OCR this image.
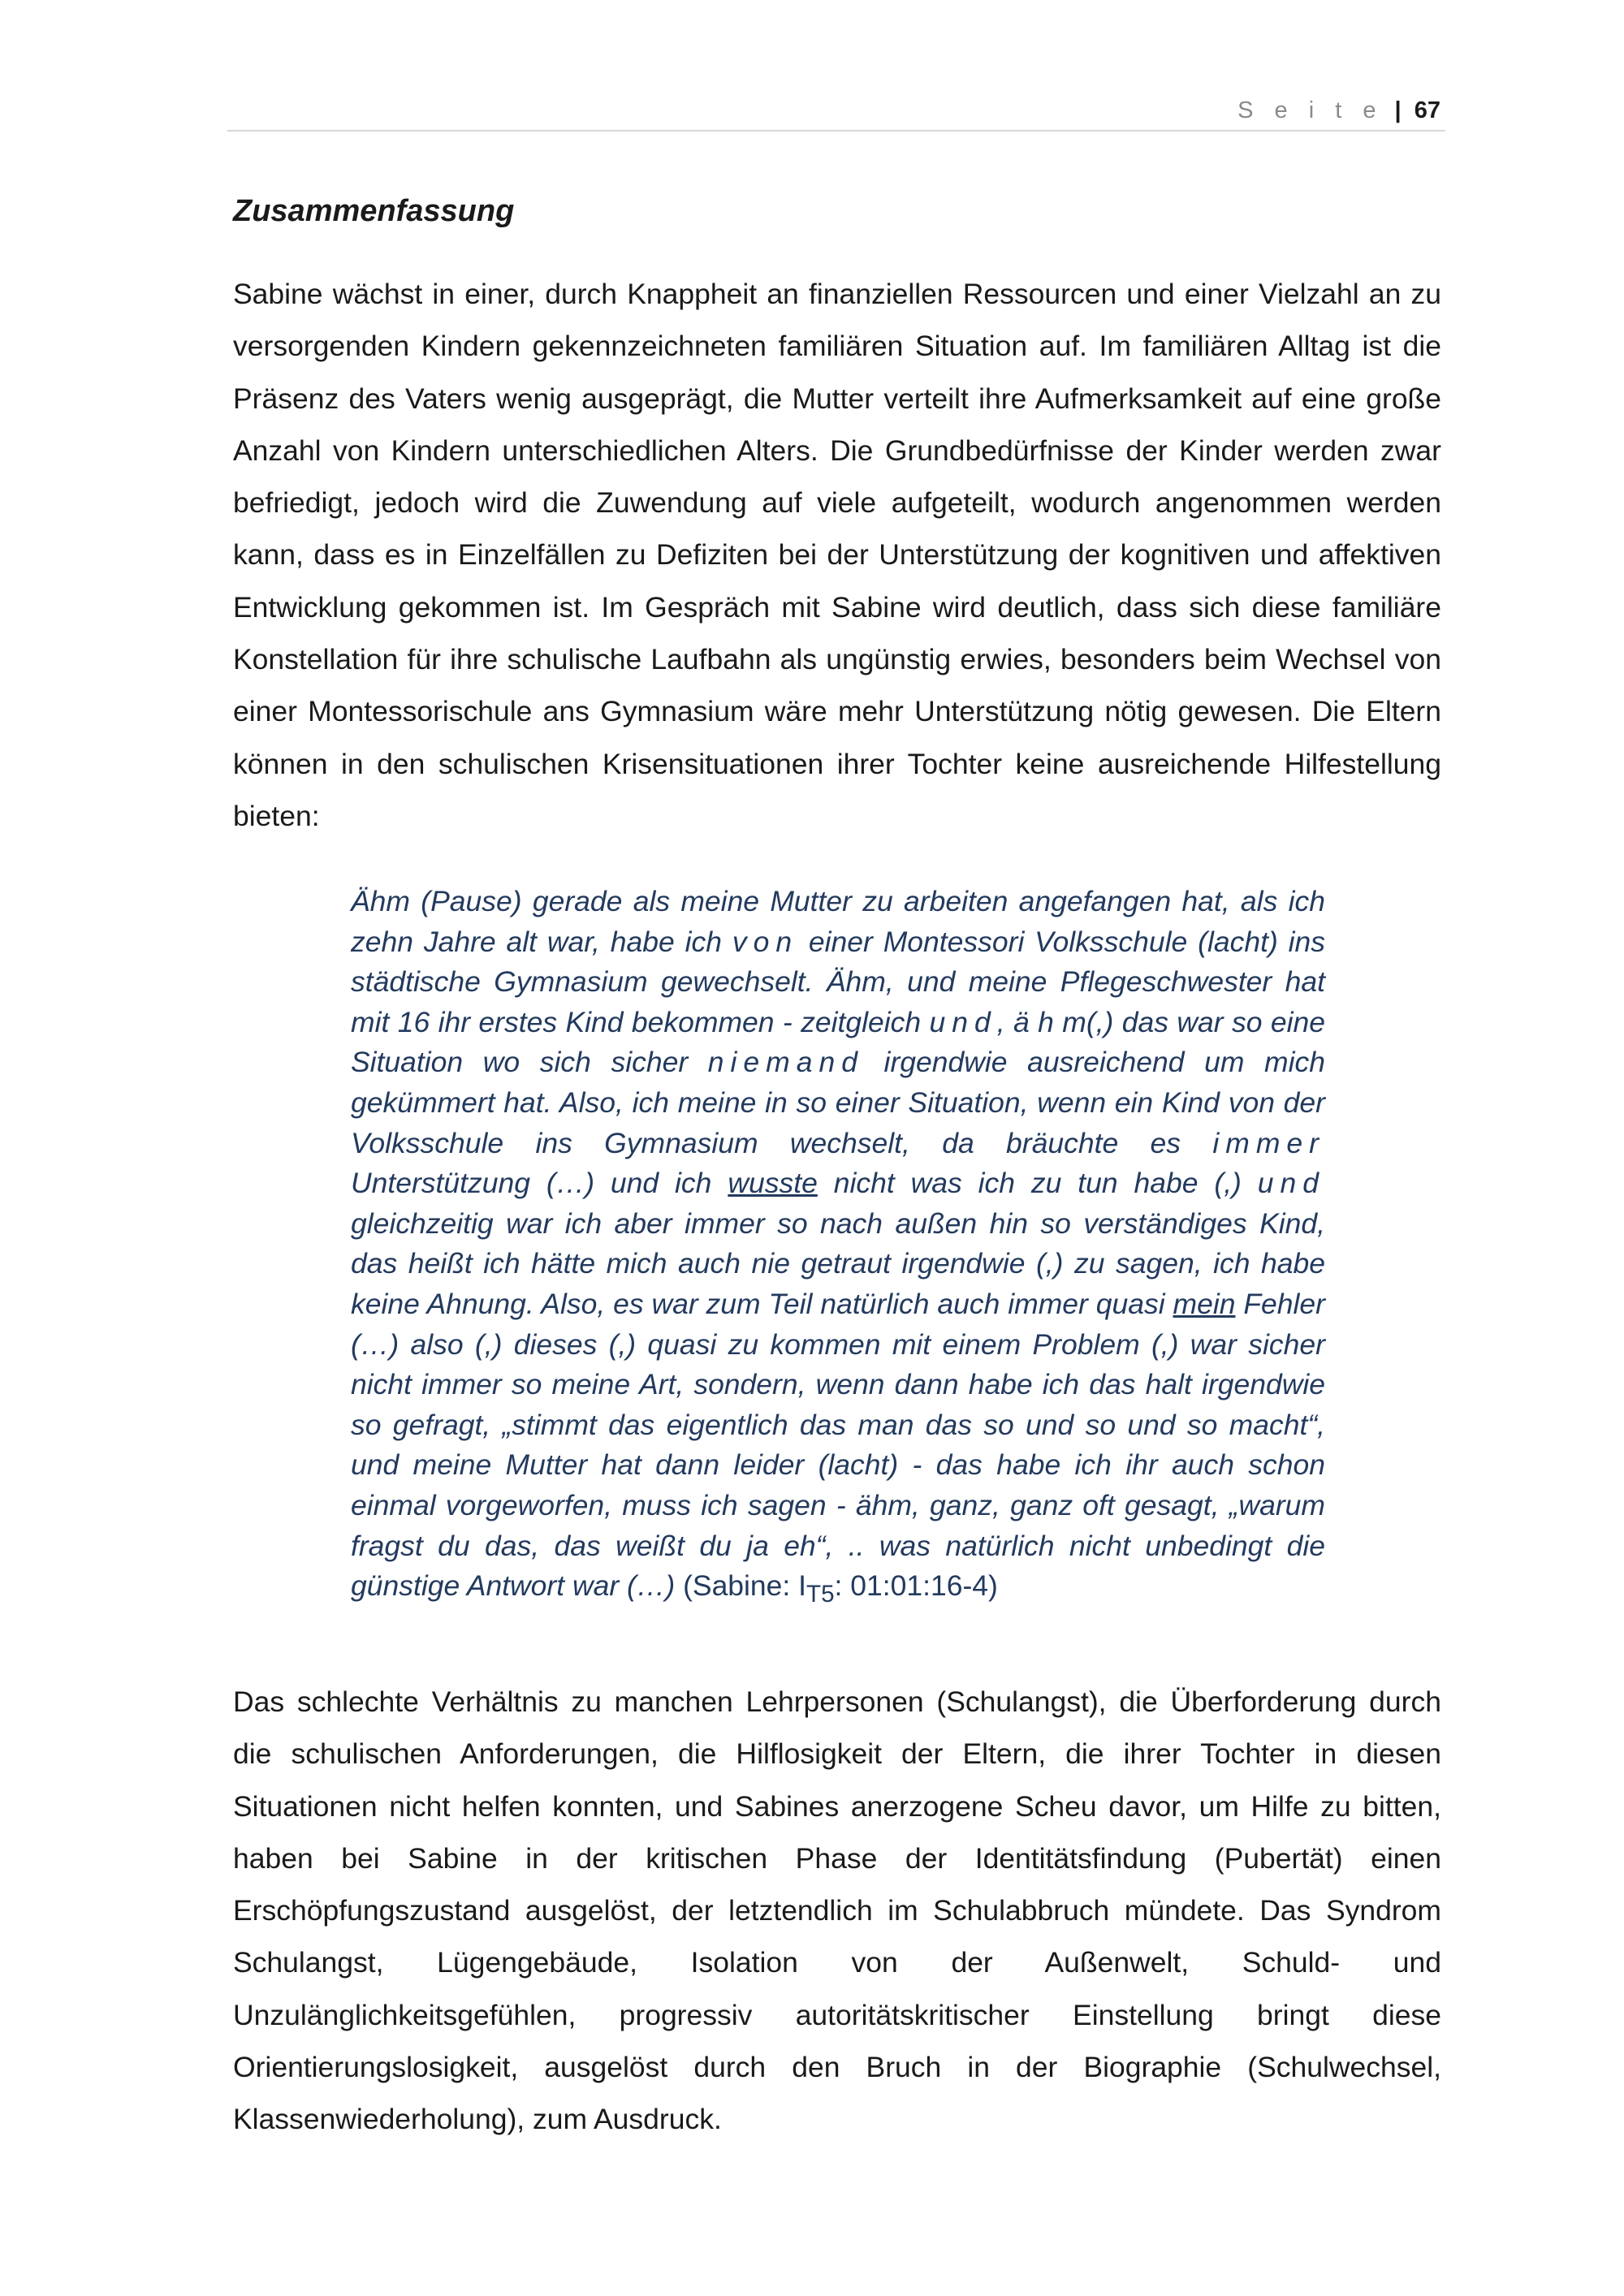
S e i t e | 67
Zusammenfassung

Sabine wächst in einer, durch Knappheit an finanziellen Ressourcen und einer Vielzahl an zu versorgenden Kindern gekennzeichneten familiären Situation auf. Im familiären Alltag ist die Präsenz des Vaters wenig ausgeprägt, die Mutter verteilt ihre Aufmerksamkeit auf eine große Anzahl von Kindern unterschiedlichen Alters. Die Grundbedürfnisse der Kinder werden zwar befriedigt, jedoch wird die Zuwendung auf viele aufgeteilt, wodurch angenommen werden kann, dass es in Einzelfällen zu Defiziten bei der Unterstützung der kognitiven und affektiven Entwicklung gekommen ist. Im Gespräch mit Sabine wird deutlich, dass sich diese familiäre Konstellation für ihre schulische Laufbahn als ungünstig erwies, besonders beim Wechsel von einer Montessorischule ans Gymnasium wäre mehr Unterstützung nötig gewesen. Die Eltern können in den schulischen Krisensituationen ihrer Tochter keine ausreichende Hilfestellung bieten:

Ähm (Pause) gerade als meine Mutter zu arbeiten angefangen hat, als ich zehn Jahre alt war, habe ich von einer Montessori Volksschule (lacht) ins städtische Gymnasium gewechselt. Ähm, und meine Pflegeschwester hat mit 16 ihr erstes Kind bekommen - zeitgleich und, ä h m(,) das war so eine Situation wo sich sicher niemand irgendwie ausreichend um mich gekümmert hat. Also, ich meine in so einer Situation, wenn ein Kind von der Volksschule ins Gymnasium wechselt, da bräuchte es immer Unterstützung (…) und ich wusste nicht was ich zu tun habe (,) und gleichzeitig war ich aber immer so nach außen hin so verständiges Kind, das heißt ich hätte mich auch nie getraut irgendwie (,) zu sagen, ich habe keine Ahnung. Also, es war zum Teil natürlich auch immer quasi mein Fehler (…) also (,) dieses (,) quasi zu kommen mit einem Problem (,) war sicher nicht immer so meine Art, sondern, wenn dann habe ich das halt irgendwie so gefragt, „stimmt das eigentlich das man das so und so und so macht“, und meine Mutter hat dann leider (lacht) - das habe ich ihr auch schon einmal vorgeworfen, muss ich sagen - ähm, ganz, ganz oft gesagt, „warum fragst du das, das weißt du ja eh“, .. was natürlich nicht unbedingt die günstige Antwort war (…) (Sabine: $I_{T5}$: 01:01:16-4)

Das schlechte Verhältnis zu manchen Lehrpersonen (Schulangst), die Überforderung durch die schulischen Anforderungen, die Hilflosigkeit der Eltern, die ihrer Tochter in diesen Situationen nicht helfen konnten, und Sabines anerzogene Scheu davor, um Hilfe zu bitten, haben bei Sabine in der kritischen Phase der Identitätsfindung (Pubertät) einen Erschöpfungszustand ausgelöst, der letztendlich im Schulabbruch mündete. Das Syndrom Schulangst, Lügengebäude, Isolation von der Außenwelt, Schuld- und Unzulänglichkeitsgefühlen, progressiv autoritätskritischer Einstellung bringt diese Orientierungslosigkeit, ausgelöst durch den Bruch in der Biographie (Schulwechsel, Klassenwiederholung), zum Ausdruck.
